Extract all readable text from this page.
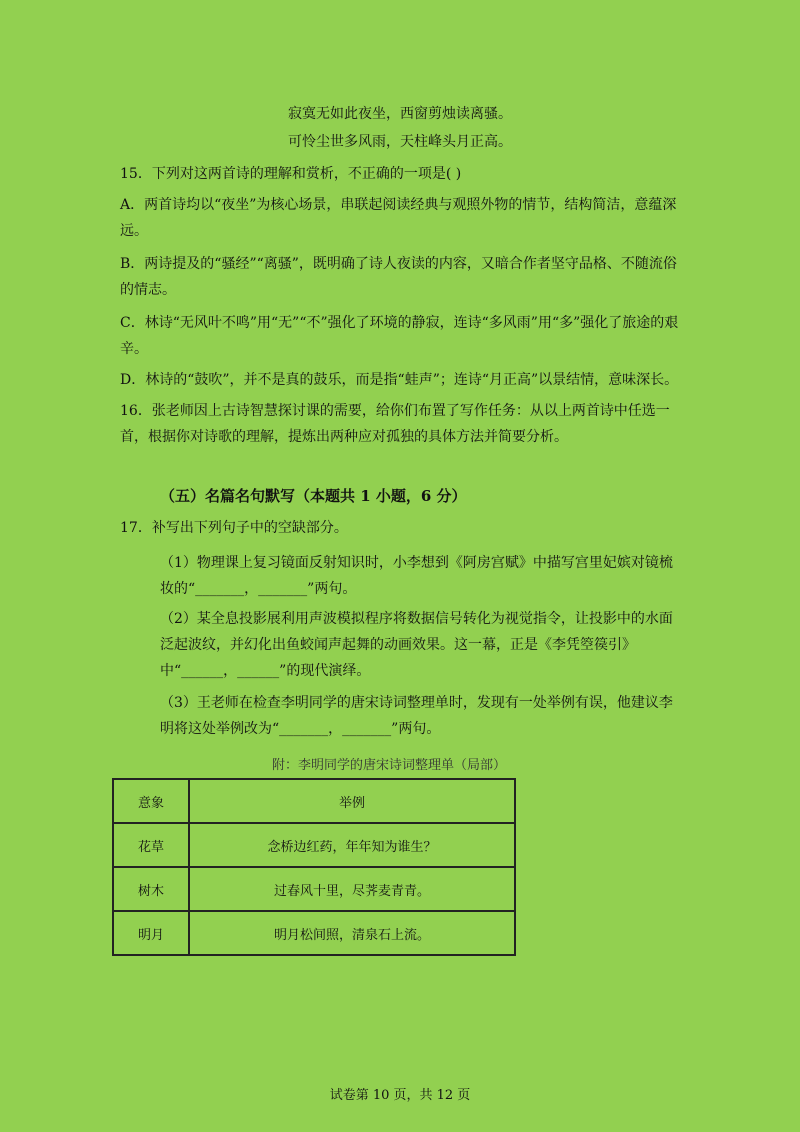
寂寞无如此夜坐，西窗剪烛读离骚。
可怜尘世多风雨，天柱峰头月正高。
15．下列对这两首诗的理解和赏析，不正确的一项是( )
A．两首诗均以“夜坐”为核心场景，串联起阅读经典与观照外物的情节，结构简洁，意蕴深远。
B．两诗提及的“骚经”“离骚”，既明确了诗人夜读的内容，又暗合作者坚守品格、不随流俗的情志。
C．林诗“无风叶不鸣”用“无”“不”强化了环境的静寂，连诗“多风雨”用“多”强化了旅途的艰辛。
D．林诗的“鼓吹”，并不是真的鼓乐，而是指“蛙声”；连诗“月正高”以景结情，意味深长。
16．张老师因上古诗智慧探讨课的需要，给你们布置了写作任务：从以上两首诗中任选一首，根据你对诗歌的理解，提炼出两种应对孤独的具体方法并简要分析。
（五）名篇名句默写（本题共 1 小题，6 分）
17．补写出下列句子中的空缺部分。
（1）物理课上复习镜面反射知识时，小李想到《阿房宫赋》中描写宫里妃嫔对镜梳妆的“_______，_______”两句。
（2）某全息投影展利用声波模拟程序将数据信号转化为视觉指令，让投影中的水面泛起波纹，并幻化出鱼蛟闻声起舞的动画效果。这一幕，正是《李凭箜篌引》中“______，______”的现代演绎。
（3）王老师在检查李明同学的唐宋诗词整理单时，发现有一处举例有误，他建议李明将这处举例改为“_______，_______”两句。
附：李明同学的唐宋诗词整理单（局部）
意象	举例
花草	念桥边红药，年年知为谁生？
树木	过春风十里，尽荠麦青青。
明月	明月松间照，清泉石上流。
试卷第 10 页，共 12 页
